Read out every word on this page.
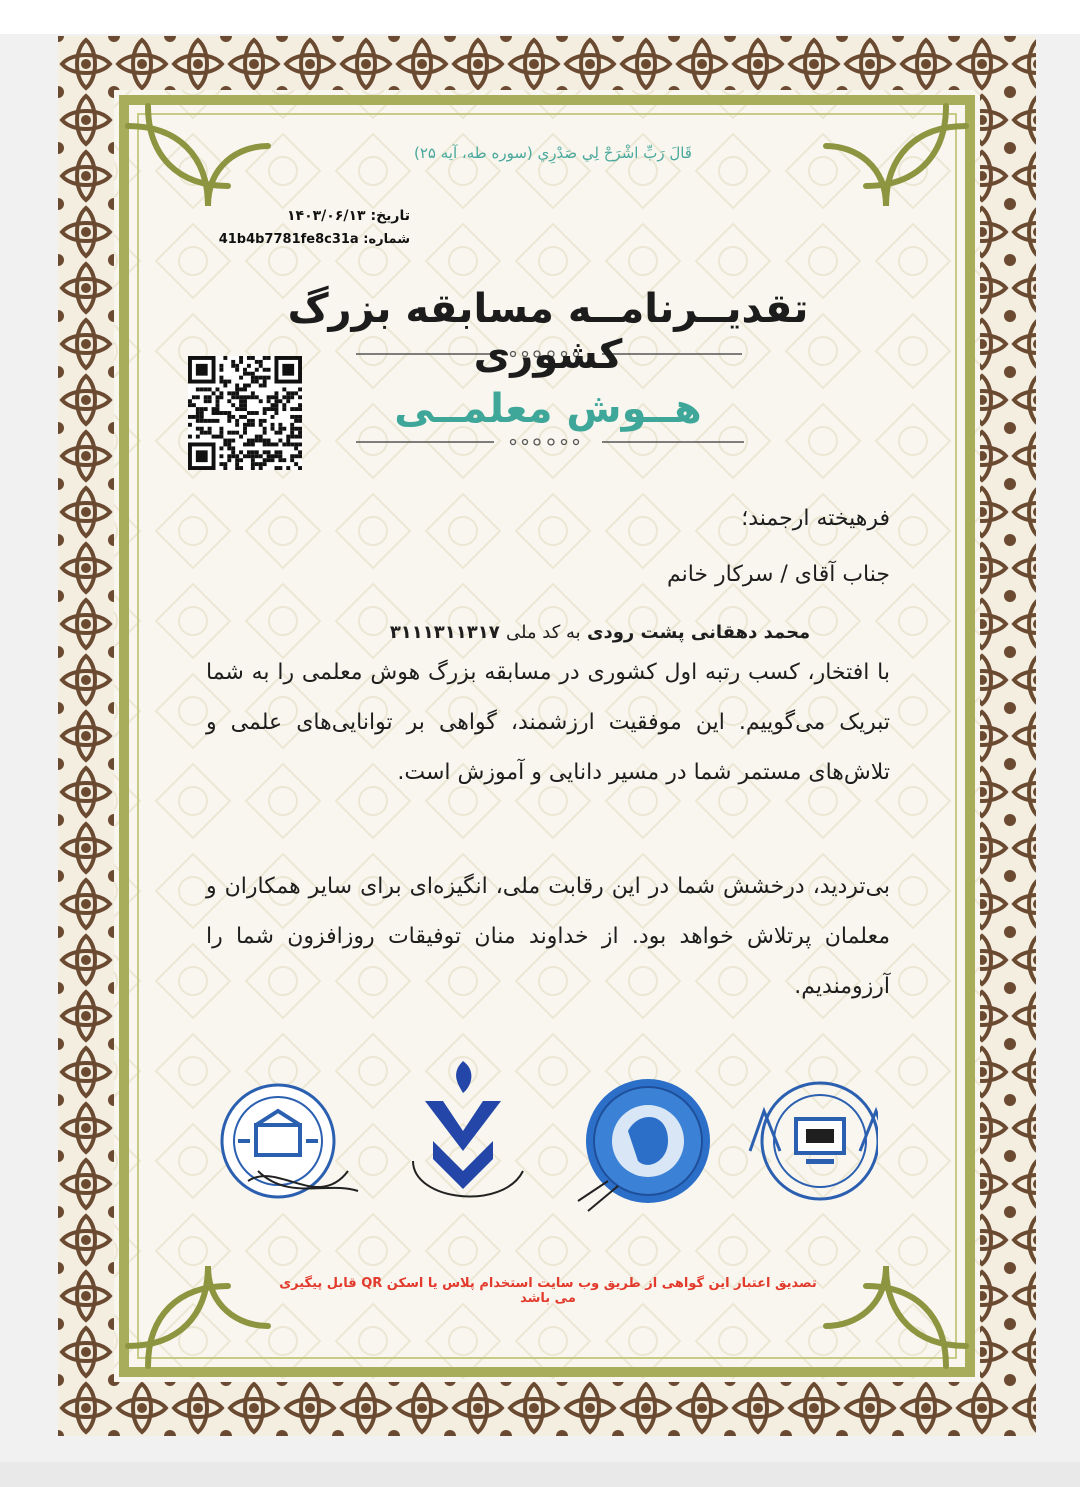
قَالَ رَبِّ اشْرَحْ لِي صَدْرِي (سوره طه، آیه ۲۵)
تاریخ: ۱۴۰۳/۰۶/۱۳
شماره: 41b4b7781fe8c31a
تقدیــرنامــه مسابقه بزرگ کشوری
هــوش معلمــی
فرهیخته ارجمند؛
جناب آقای / سرکار خانم
محمد دهقانی پشت رودی به کد ملی ۳۱۱۱۳۱۱۳۱۷
با افتخار، کسب رتبه اول کشوری در مسابقه بزرگ هوش معلمی را به شما تبریک می‌گوییم. این موفقیت ارزشمند، گواهی بر توانایی‌های علمی و تلاش‌های مستمر شما در مسیر دانایی و آموزش است.
بی‌تردید، درخشش شما در این رقابت ملی، انگیزه‌ای برای سایر همکاران و معلمان پرتلاش خواهد بود. از خداوند منان توفیقات روزافزون شما را آرزومندیم.
تصدیق اعتبار این گواهی از طریق وب سایت استخدام پلاس یا اسکن QR قابل پیگیری می باشد
